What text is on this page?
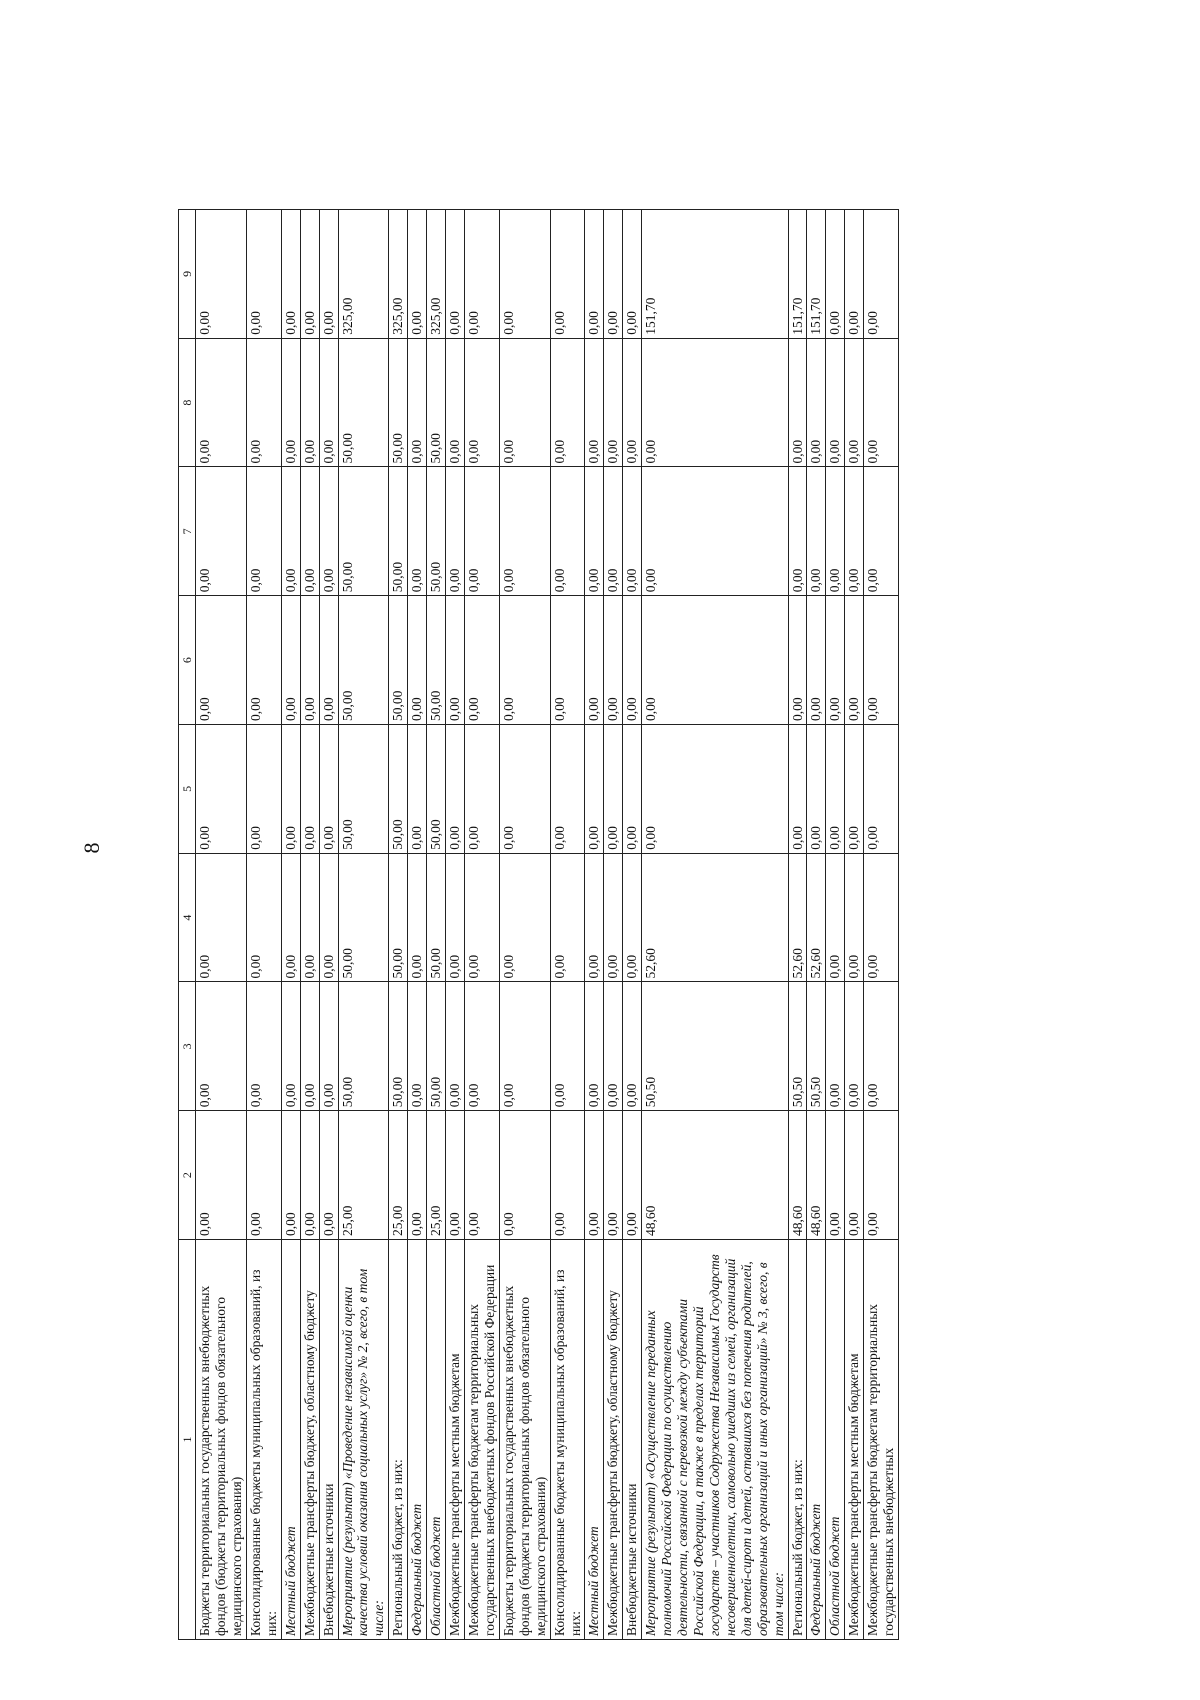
8
1	2	3	4	5	6	7	8	9
Бюджеты территориальных государственных внебюджетных фондов (бюджеты территориальных фондов обязательного медицинского страхования)	0,00	0,00	0,00	0,00	0,00	0,00	0,00	0,00
Консолидированные бюджеты муниципальных образований, из них:	0,00	0,00	0,00	0,00	0,00	0,00	0,00	0,00
Местный бюджет	0,00	0,00	0,00	0,00	0,00	0,00	0,00	0,00
Межбюджетные трансферты бюджету, областному бюджету	0,00	0,00	0,00	0,00	0,00	0,00	0,00	0,00
Внебюджетные источники	0,00	0,00	0,00	0,00	0,00	0,00	0,00	0,00
Мероприятие (результат) «Проведение независимой оценки качества условий оказания социальных услуг» № 2, всего, в том числе:	25,00	50,00	50,00	50,00	50,00	50,00	50,00	325,00
Региональный бюджет, из них:	25,00	50,00	50,00	50,00	50,00	50,00	50,00	325,00
Федеральный бюджет	0,00	0,00	0,00	0,00	0,00	0,00	0,00	0,00
Областной бюджет	25,00	50,00	50,00	50,00	50,00	50,00	50,00	325,00
Межбюджетные трансферты местным бюджетам	0,00	0,00	0,00	0,00	0,00	0,00	0,00	0,00
Межбюджетные трансферты бюджетам территориальных государственных внебюджетных фондов Российской Федерации	0,00	0,00	0,00	0,00	0,00	0,00	0,00	0,00
Бюджеты территориальных государственных внебюджетных фондов (бюджеты территориальных фондов обязательного медицинского страхования)	0,00	0,00	0,00	0,00	0,00	0,00	0,00	0,00
Консолидированные бюджеты муниципальных образований, из них:	0,00	0,00	0,00	0,00	0,00	0,00	0,00	0,00
Местный бюджет	0,00	0,00	0,00	0,00	0,00	0,00	0,00	0,00
Межбюджетные трансферты бюджету, областному бюджету	0,00	0,00	0,00	0,00	0,00	0,00	0,00	0,00
Внебюджетные источники	0,00	0,00	0,00	0,00	0,00	0,00	0,00	0,00
Мероприятие (результат) «Осуществление переданных полномочий Российской Федерации по осуществлению деятельности, связанной с перевозкой между субъектами Российской Федерации, а также в пределах территорий государств – участников Содружества Независимых Государств несовершеннолетних, самовольно ушедших из семей, организаций для детей-сирот и детей, оставшихся без попечения родителей, образовательных организаций и иных организаций» № 3, всего, в том числе:	48,60	50,50	52,60	0,00	0,00	0,00	0,00	151,70
Региональный бюджет, из них:	48,60	50,50	52,60	0,00	0,00	0,00	0,00	151,70
Федеральный бюджет	48,60	50,50	52,60	0,00	0,00	0,00	0,00	151,70
Областной бюджет	0,00	0,00	0,00	0,00	0,00	0,00	0,00	0,00
Межбюджетные трансферты местным бюджетам	0,00	0,00	0,00	0,00	0,00	0,00	0,00	0,00
Межбюджетные трансферты бюджетам территориальных государственных внебюджетных	0,00	0,00	0,00	0,00	0,00	0,00	0,00	0,00
